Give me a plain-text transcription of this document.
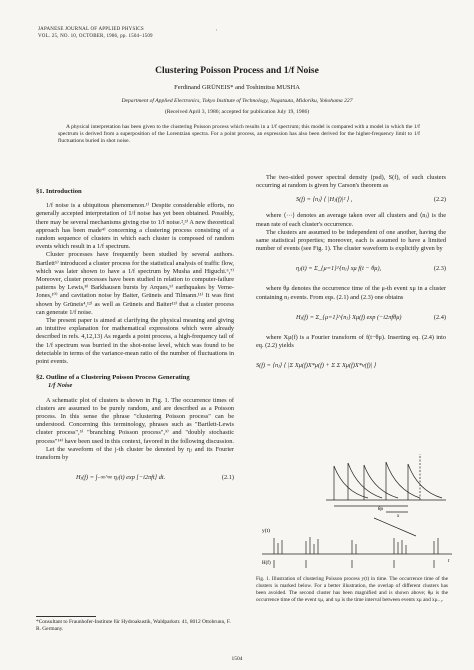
JAPANESE JOURNAL OF APPLIED PHYSICS
VOL. 25, NO. 10, OCTOBER, 1986, pp. 1504–1509
'
Clustering Poisson Process and 1/f Noise
Ferdinand GRÜNEIS* and Toshimitsu MUSHA
Department of Applied Electronics, Tokyo Institute of Technology, Nagatsuta, Midoriku, Yokohama 227
(Received April 3, 1986; accepted for publication July 19, 1986)

A physical interpretation has been given to the clustering Poisson process which results in a 1/f spectrum; this model is compared with a model in which the 1/f spectrum is derived from a superposition of the Lorentzian spectra. For a point process, an expression has also been derived for the higher-frequency limit to 1/f fluctuations buried in shot noise.

§1. Introduction

1/f noise is a ubiquitous phenomenon.¹⁾ Despite considerable efforts, no generally accepted interpretation of 1/f noise has yet been obtained. Possibly, there may be several mechanisms giving rise to 1/f noise.²,³⁾ A new theoretical approach has been made⁴⁾ concerning a clustering process consisting of a random sequence of clusters in which each cluster is composed of random events which result in a 1/f spectrum.

Cluster processes have frequently been studied by several authors. Bartlett⁵⁾ introduced a cluster process for the statistical analysis of traffic flow, which was later shown to have a 1/f spectrum by Musha and Higuchi.⁶,⁷⁾ Moreover, cluster processes have been studied in relation to computer-failure patterns by Lewis,⁸⁾ Barkhausen bursts by Arques,⁹⁾ earthquakes by Verne-Jones,¹⁰⁾ and cavitation noise by Baiter, Grüneis and Tilmann.¹¹⁾ It was first shown by Grüneis⁴,¹²⁾ as well as Grüneis and Baiter¹³⁾ that a cluster process can generate 1/f noise.

The present paper is aimed at clarifying the physical meaning and giving an intuitive explanation for mathematical expressions which were already described in refs. 4,12,13) As regards a point process, a high-frequency tail of the 1/f spectrum was burried in the shot-noise level, which was found to be detectable in terms of the variance-mean ratio of the number of fluctuations in point events.

§2. Outline of a Clustering Poisson Process Generating
1/f Noise

A schematic plot of clusters is shown in Fig. 1. The occurrence times of clusters are assumed to be purely random, and are described as a Poisson process. In this sense the phrase "clustering Poisson process" can be understood. Concerning this terminology, phrases such as "Bartlett-Lewis cluster process",⁵⁾ "branching Poisson process",⁹⁾ and "doubly stochastic process"¹⁴⁾ have been used in this context, favored in the following discussion.

Let the waveform of the j-th cluster be denoted by ηⱼ and its Fourier transform by

Hⱼ(f) = ∫₋∞^∞ ηⱼ(t) exp [−i2πft] dt.	(2.1)

The two-sided power spectral density (psd), S(f), of such clusters occurring at random is given by Carson's theorem as

S(f) = ⟨nⱼ⟩ ⟨ |Hⱼ(f)|² ⟩ ,	(2.2)

where ⟨···⟩ denotes an average taken over all clusters and ⟨nⱼ⟩ is the mean rate of each cluster's occurrence.

The clusters are assumed to be independent of one another, having the same statistical properties; moreover, each is assumed to have a limited number of events (see Fig. 1). The cluster waveform is explicitly given by

ηⱼ(t) = Σ_{μ=1}^{nⱼ} xμ f(t − θμ),	(2.3)

where θμ denotes the occurrence time of the μ-th event xμ in a cluster containing nⱼ events. From eqs. (2.1) and (2.3) one obtains

Hⱼ(f) = Σ_{μ=1}^{nⱼ} Xμ(f) exp (−i2πfθμ)	(2.4)

where Xμ(f) is a Fourier transform of f(t−θμ). Inserting eq. (2.4) into eq. (2.2) yields

S(f) = ⟨nⱼ⟩ ⟨ |Σ Xμ(f)X*μ(f) + Σ Σ Xμ(f)X*ν(f)| ⟩
θμ
x
y(t)
H(f)	t
Fig. 1. Illustration of clustering Poisson process y(t) in time. The occurrence time of the clusters is marked below. For a better illustration, the overlap of different clusters has been avoided. The second cluster has been magnified and is shown above; θμ is the occurrence time of the event xμ, and xμ is the time interval between events xμ and xμ₋₁.
*Consultant to Fraunhofer-Institute für Hydroakustik, Waldparkstr. 41, 8012 Ottobrunn, F. R. Germany.
1504
